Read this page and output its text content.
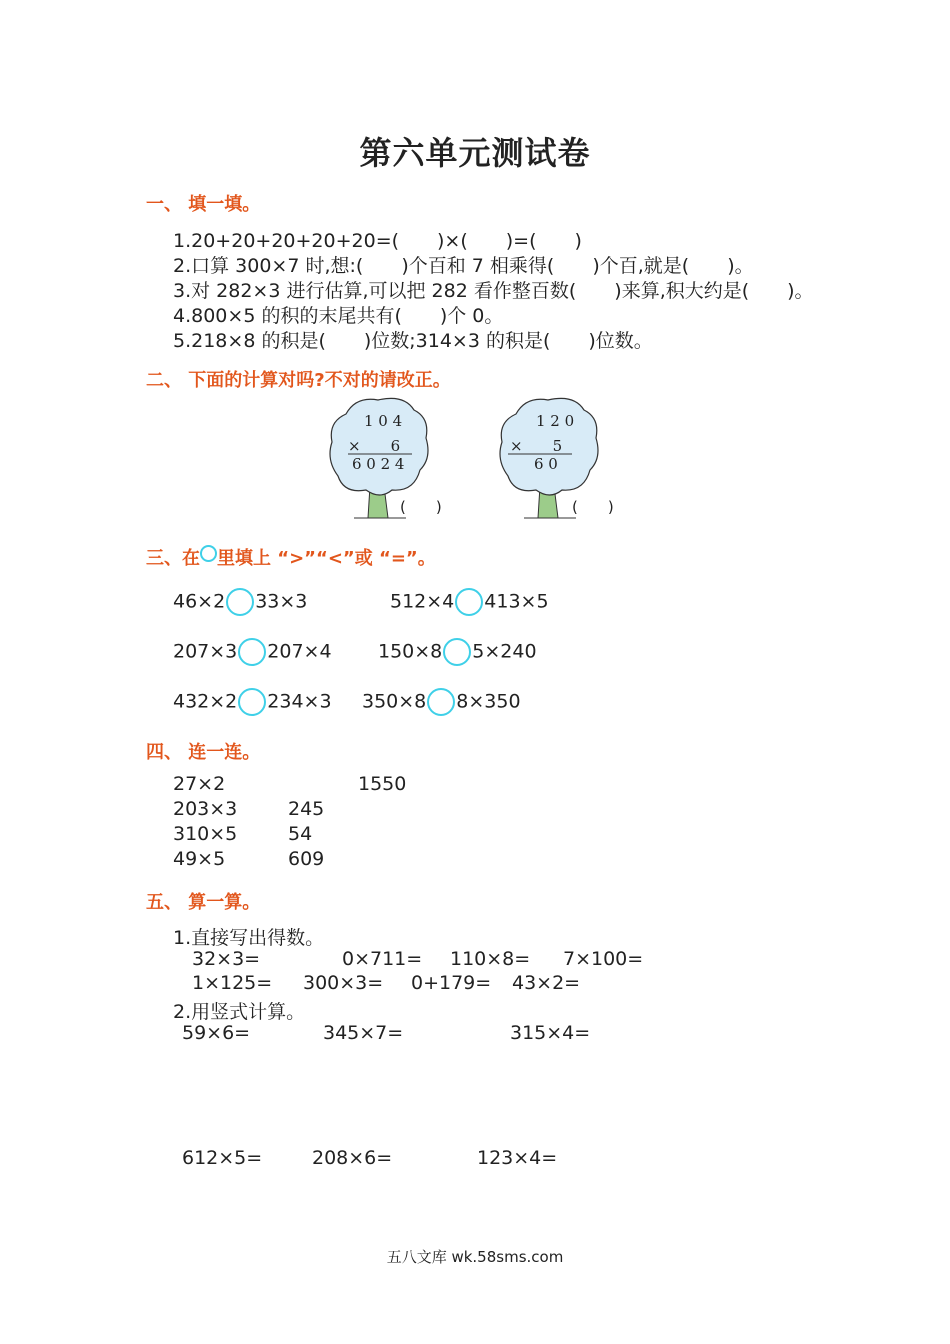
第六单元测试卷
一、 填一填。
1.20+20+20+20+20=(　　)×(　　)=(　　)
2.口算 300×7 时,想:(　　)个百和 7 相乘得(　　)个百,就是(　　)。
3.对 282×3 进行估算,可以把 282 看作整百数(　　)来算,积大约是(　　)。
4.800×5 的积的末尾共有(　　)个 0。
5.218×8 的积是(　　)位数;314×3 的积是(　　)位数。
二、 下面的计算对吗?不对的请改正。
1 0 4
×　　6
6 0 2 4
(　　)
1 2 0
×　　5
6 0
(　　)
三、在 里填上 “>”“<”或 “=”。
46×2 33×3	512×4 413×5
207×3 207×4 150×8 5×240
432×2 234×3 350×8 8×350
四、 连一连。
27×2
203×3
310×5
49×5
1550
245
54
609
五、 算一算。
1.直接写出得数。
32×3=	0×711= 110×8= 7×100=
1×125= 300×3= 0+179= 43×2=
2.用竖式计算。
59×6=	345×7=	315×4=
612×5=	208×6=	123×4=
五八文库 wk.58sms.com
